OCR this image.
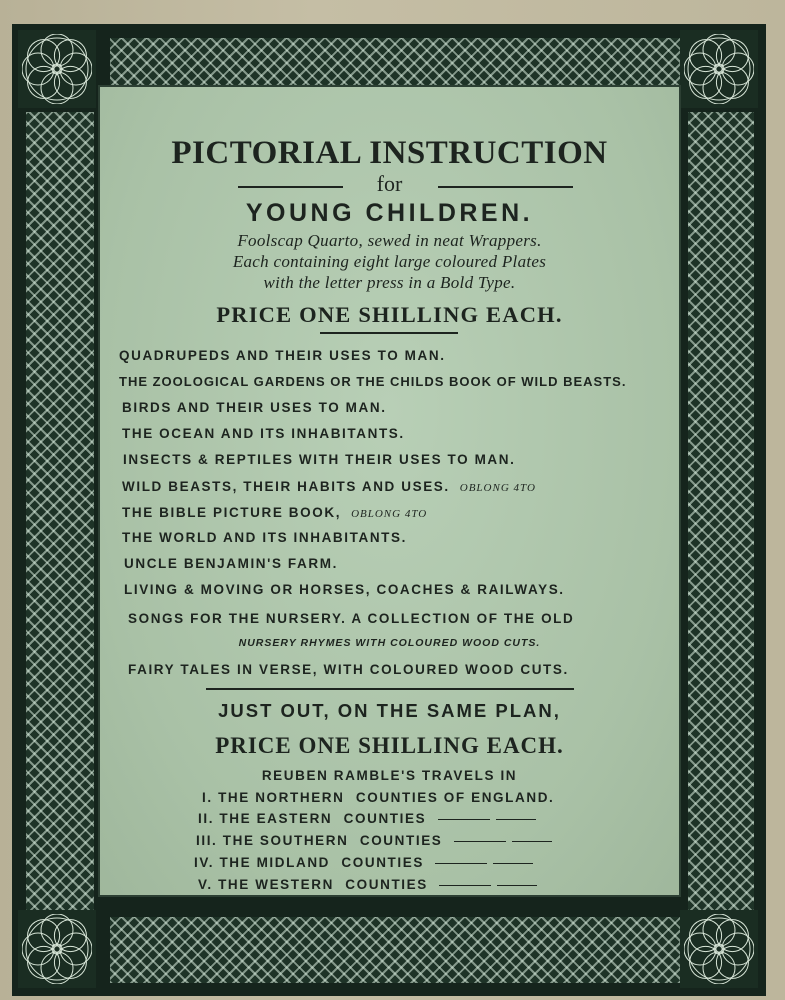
PICTORIAL INSTRUCTION
for
YOUNG CHILDREN.
Foolscap Quarto, sewed in neat Wrappers.
Each containing eight large coloured Plates
with the letter press in a Bold Type.
PRICE ONE SHILLING EACH.
QUADRUPEDS AND THEIR USES TO MAN.
THE ZOOLOGICAL GARDENS OR THE CHILDS BOOK OF WILD BEASTS.
BIRDS AND THEIR USES TO MAN.
THE OCEAN AND ITS INHABITANTS.
INSECTS & REPTILES WITH THEIR USES TO MAN.
WILD BEASTS, THEIR HABITS AND USES. OBLONG 4TO
THE BIBLE PICTURE BOOK, OBLONG 4TO
THE WORLD AND ITS INHABITANTS.
UNCLE BENJAMIN'S FARM.
LIVING & MOVING OR HORSES, COACHES & RAILWAYS.
SONGS FOR THE NURSERY. A COLLECTION OF THE OLD
NURSERY RHYMES WITH COLOURED WOOD CUTS.
FAIRY TALES IN VERSE, WITH COLOURED WOOD CUTS.
JUST OUT, ON THE SAME PLAN,
PRICE ONE SHILLING EACH.
REUBEN RAMBLE'S TRAVELS IN
I. THE NORTHERN COUNTIES OF ENGLAND.
II. THE EASTERN COUNTIES
III. THE SOUTHERN COUNTIES
IV. THE MIDLAND COUNTIES
V. THE WESTERN COUNTIES
